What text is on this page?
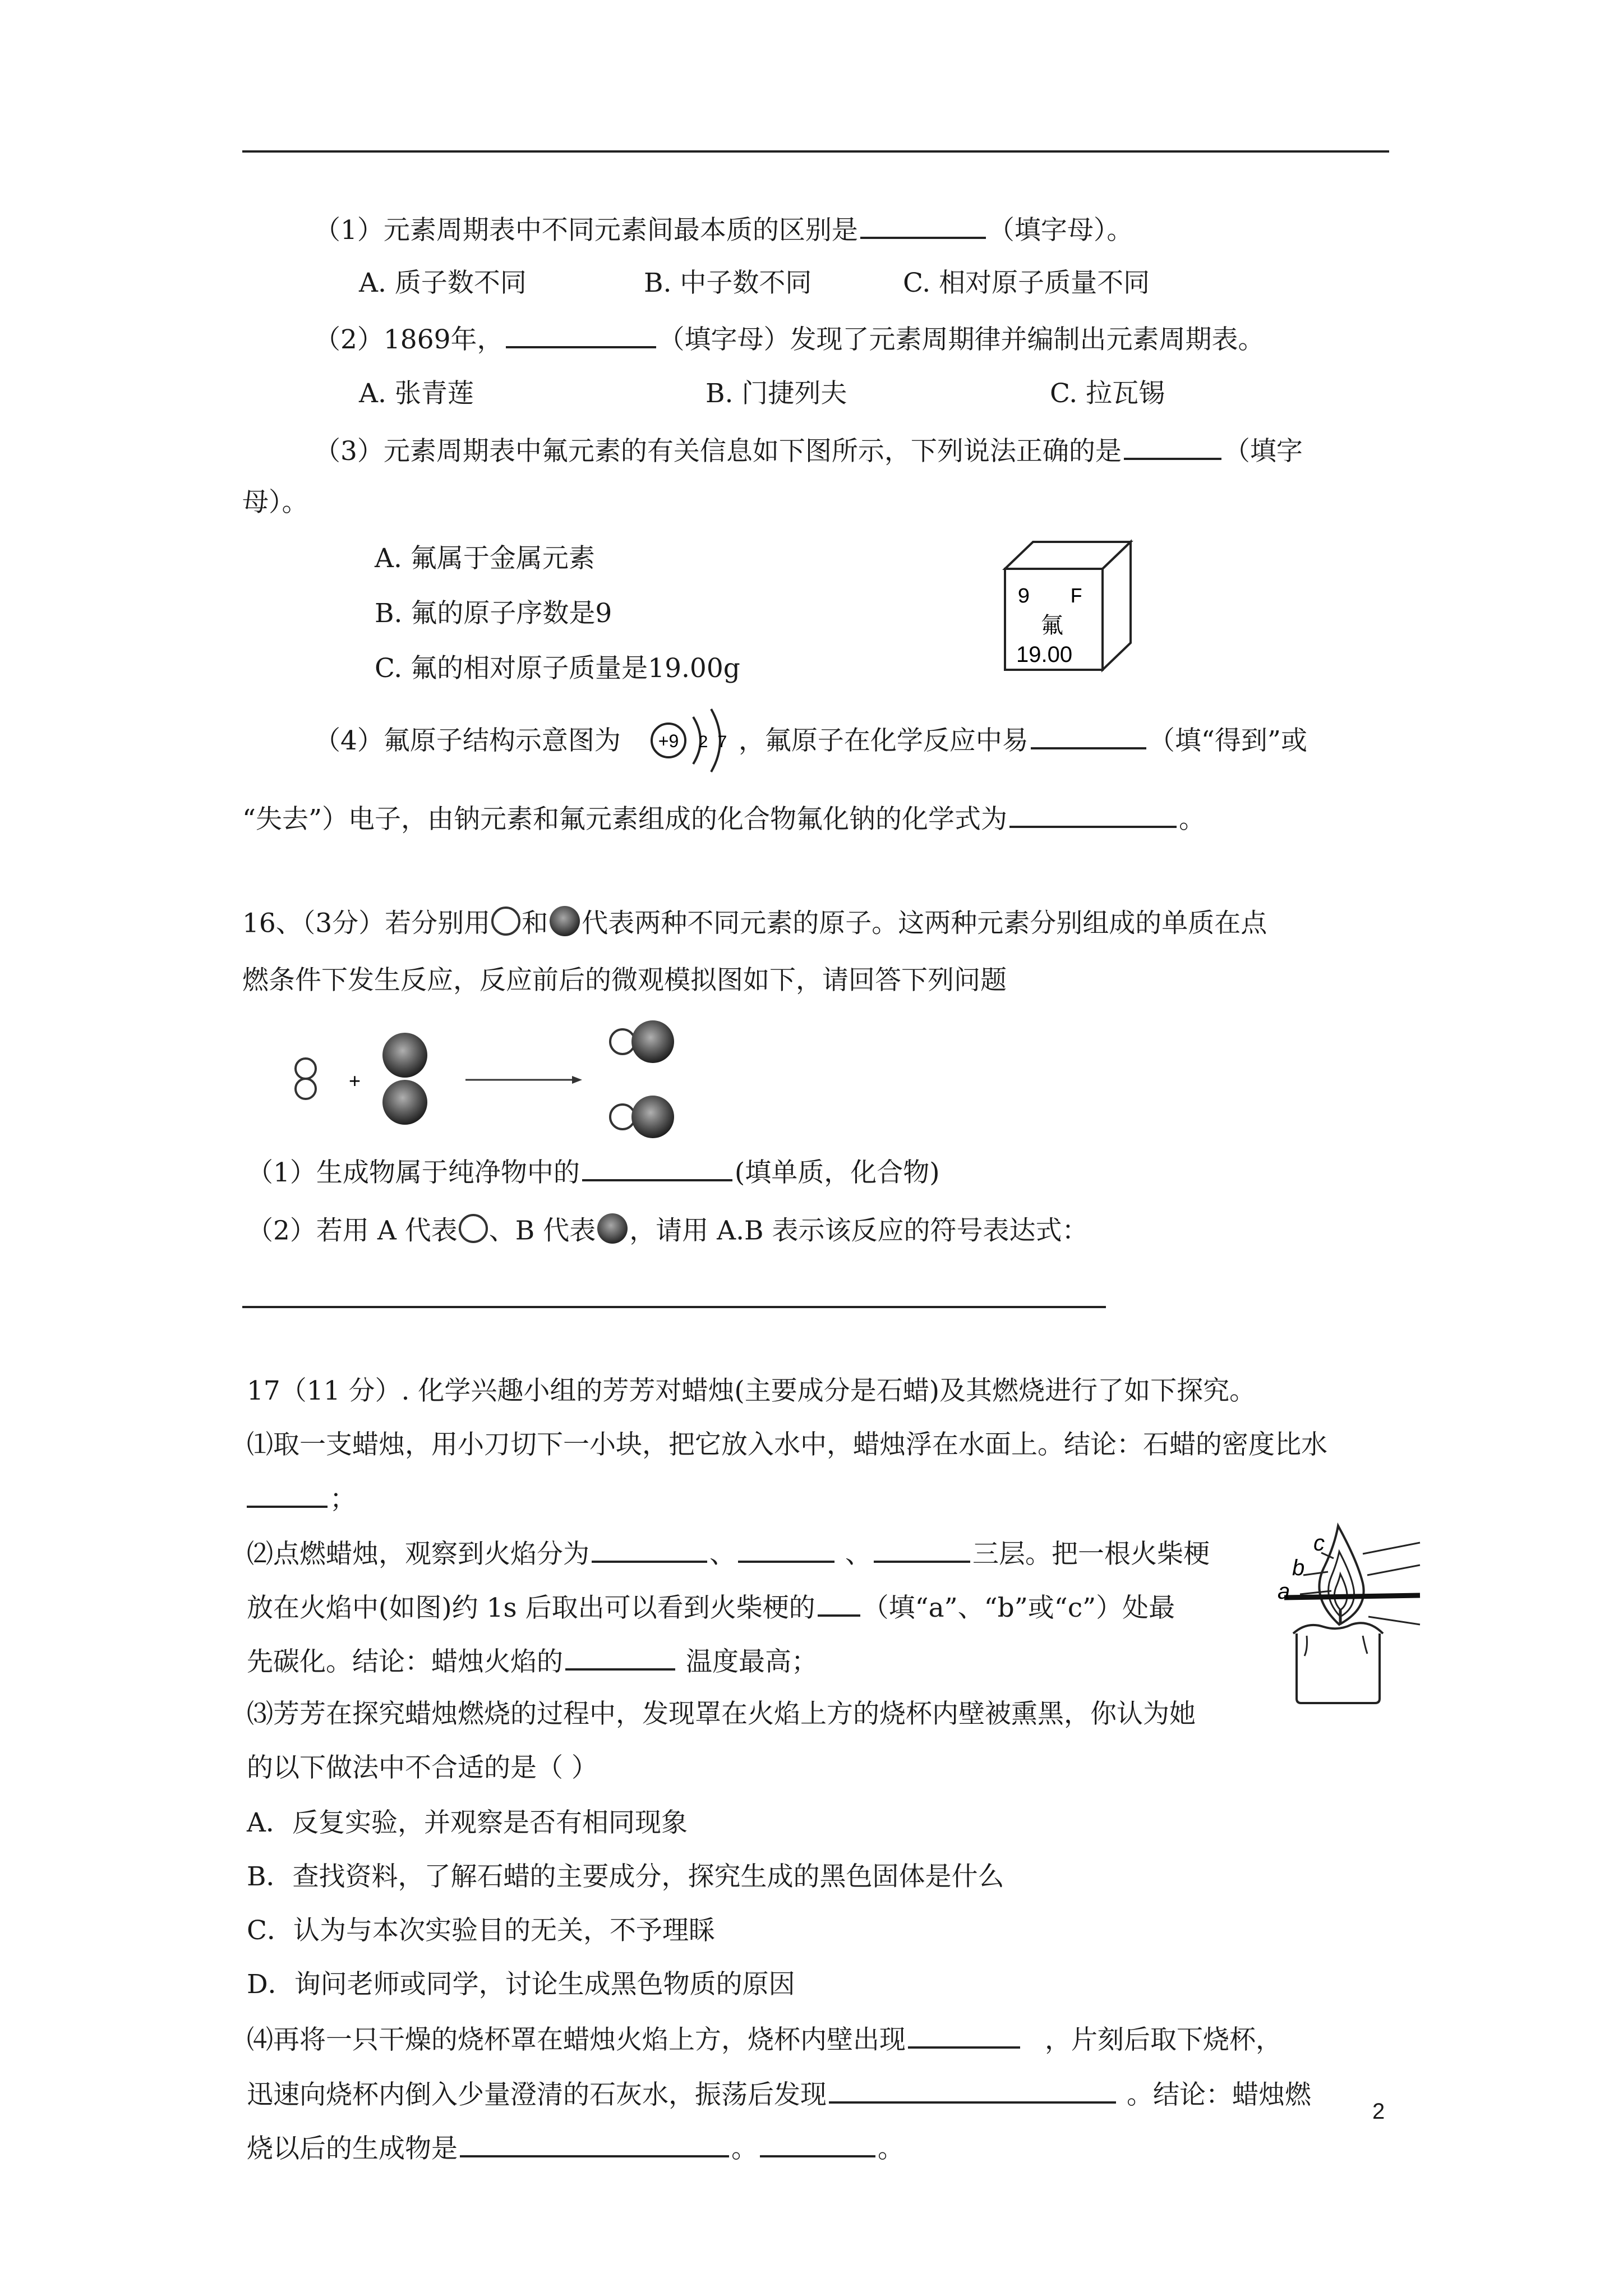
（1）元素周期表中不同元素间最本质的区别是	（填字母）。
A. 质子数不同	B. 中子数不同	C. 相对原子质量不同
（2）1869年，	（填字母）发现了元素周期律并编制出元素周期表。
A. 张青莲	B. 门捷列夫	C. 拉瓦锡
（3）元素周期表中氟元素的有关信息如下图所示，下列说法正确的是	（填字
母）。
A. 氟属于金属元素
B. 氟的原子序数是9
C. 氟的相对原子质量是19.00g
9 F
氟
19.00
（4）氟原子结构示意图为	，氟原子在化学反应中易	（填“得到”或
+9 2 7
“失去”）电子，由钠元素和氟元素组成的化合物氟化钠的化学式为	。
16、（3分）若分别用 和 代表两种不同元素的原子。这两种元素分别组成的单质在点
燃条件下发生反应，反应前后的微观模拟图如下，请回答下列问题
+
（1）生成物属于纯净物中的	(填单质，化合物)
（2）若用 A 代表 、B 代表 ，请用 A.B 表示该反应的符号表达式：
17（11 分）. 化学兴趣小组的芳芳对蜡烛(主要成分是石蜡)及其燃烧进行了如下探究。
⑴取一支蜡烛，用小刀切下一小块，把它放入水中，蜡烛浮在水面上。结论：石蜡的密度比水
；
⑵点燃蜡烛，观察到火焰分为	、	、	三层。把一根火柴梗
放在火焰中(如图)约 1s 后取出可以看到火柴梗的 （填“a”、“b”或“c”）处最
先碳化。结论：蜡烛火焰的	温度最高；
⑶芳芳在探究蜡烛燃烧的过程中，发现罩在火焰上方的烧杯内壁被熏黑，你认为她
的以下做法中不合适的是（ ）
A．反复实验，并观察是否有相同现象
B．查找资料，了解石蜡的主要成分，探究生成的黑色固体是什么
C．认为与本次实验目的无关，不予理睬
D．询问老师或同学，讨论生成黑色物质的原因
⑷再将一只干燥的烧杯罩在蜡烛火焰上方，烧杯内壁出现	，片刻后取下烧杯，
迅速向烧杯内倒入少量澄清的石灰水，振荡后发现	。结论：蜡烛燃
烧以后的生成物是	。	。
c
b
a
2
